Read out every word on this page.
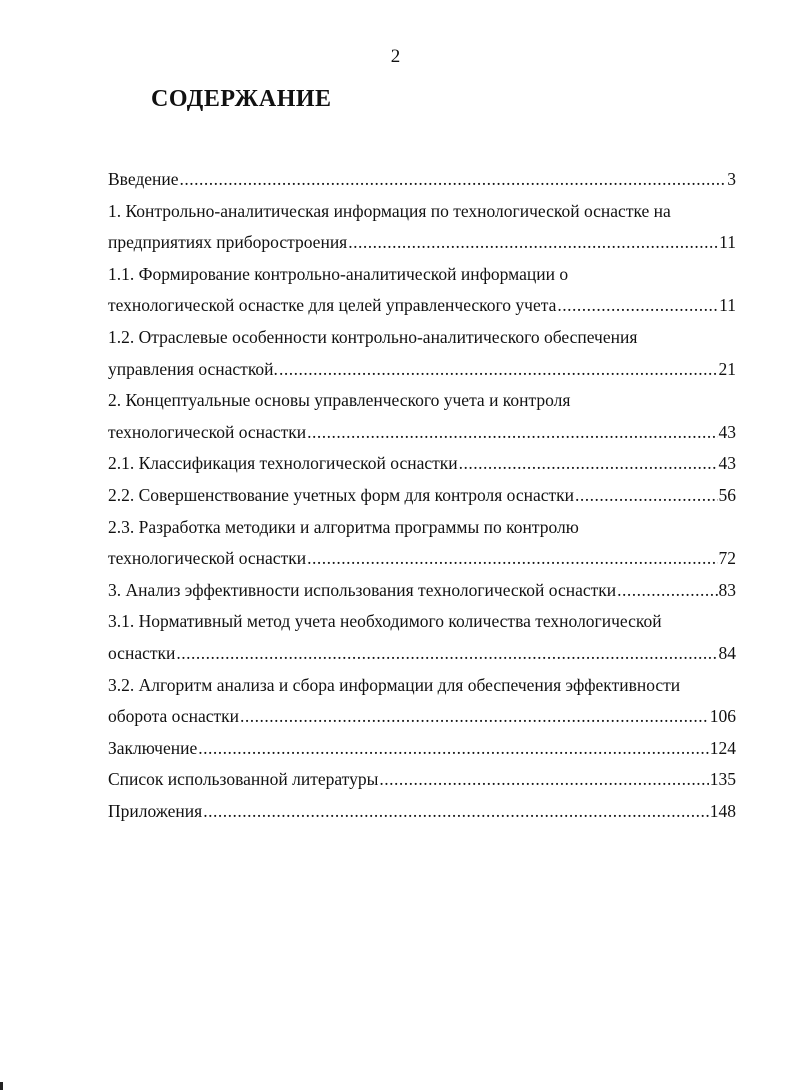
2
СОДЕРЖАНИЕ
Введение .....	3
1. Контрольно-аналитическая информация по технологической оснастке на
предприятиях приборостроения .....	11
1.1. Формирование контрольно-аналитической информации о
технологической оснастке для целей управленческого учета .....	11
1.2. Отраслевые особенности контрольно-аналитического обеспечения
управления оснасткой. .....	21
2. Концептуальные основы управленческого учета и контроля
технологической оснастки .....	43
2.1. Классификация технологической оснастки .....	43
2.2. Совершенствование учетных форм для контроля оснастки .....	56
2.3. Разработка методики и алгоритма программы по контролю
технологической оснастки .....	72
3. Анализ эффективности использования технологической оснастки .....	83
3.1. Нормативный метод учета необходимого количества технологической
оснастки .....	84
3.2. Алгоритм анализа и сбора информации для обеспечения эффективности
оборота оснастки .....	106
Заключение .....	124
Список использованной литературы .....	135
Приложения .....	148
